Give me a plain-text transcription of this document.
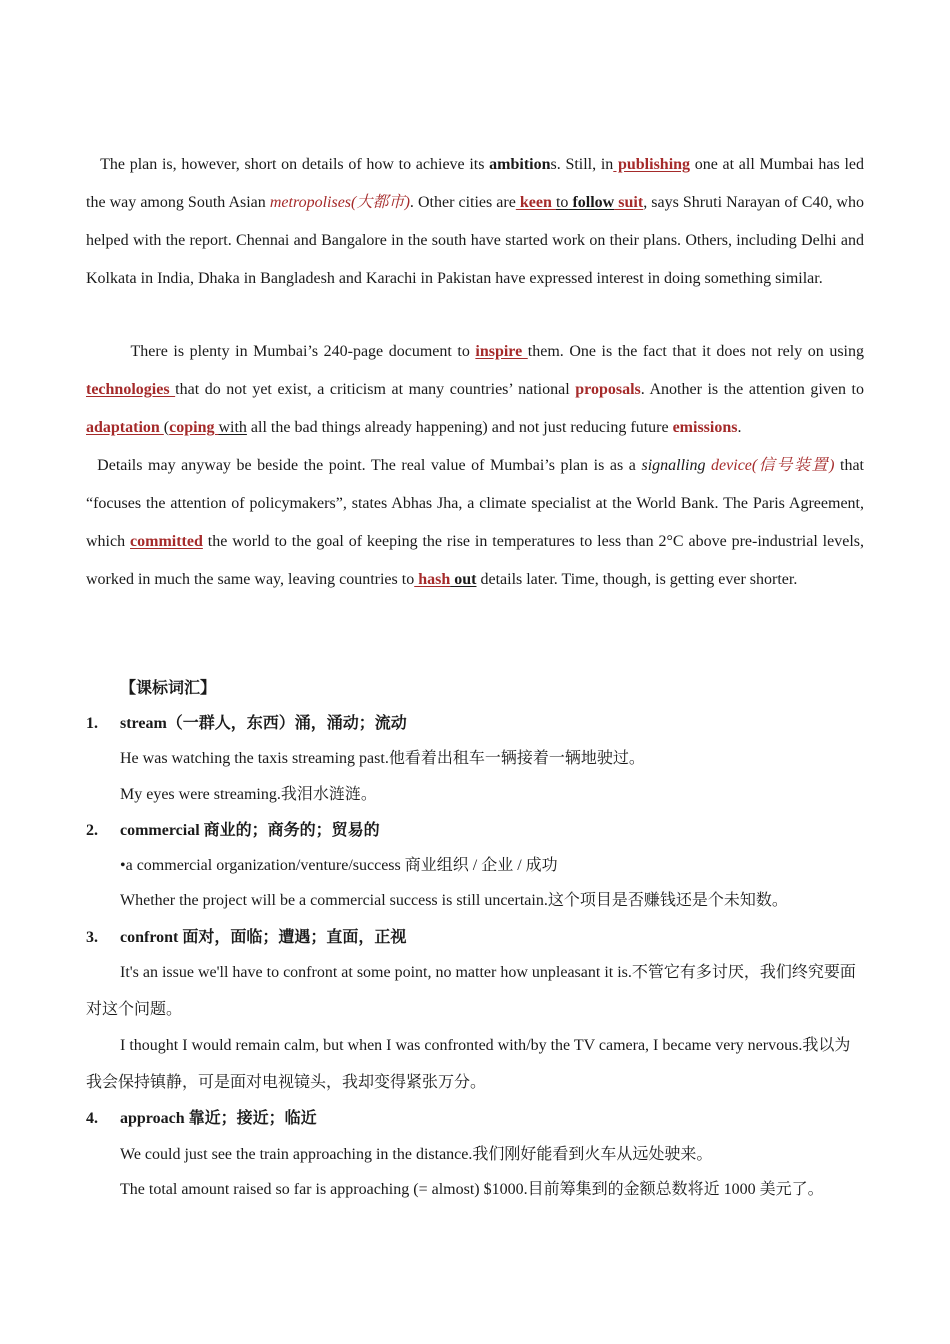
The plan is, however, short on details of how to achieve its ambitions. Still, in publishing one at all Mumbai has led the way among South Asian metropolises(大都市). Other cities are keen to follow suit, says Shruti Narayan of C40, who helped with the report. Chennai and Bangalore in the south have started work on their plans. Others, including Delhi and Kolkata in India, Dhaka in Bangladesh and Karachi in Pakistan have expressed interest in doing something similar.

There is plenty in Mumbai’s 240-page document to inspire them. One is the fact that it does not rely on using technologies that do not yet exist, a criticism at many countries’ national proposals. Another is the attention given to adaptation (coping with all the bad things already happening) and not just reducing future emissions.

Details may anyway be beside the point. The real value of Mumbai’s plan is as a signalling device(信号装置) that “focuses the attention of policymakers”, states Abhas Jha, a climate specialist at the World Bank. The Paris Agreement, which committed the world to the goal of keeping the rise in temperatures to less than 2°C above pre-industrial levels, worked in much the same way, leaving countries to hash out details later. Time, though, is getting ever shorter.

【课标词汇】
1. stream（一群人，东西）涌，涌动；流动

He was watching the taxis streaming past.他看着出租车一辆接着一辆地驶过。

My eyes were streaming.我泪水涟涟。

2. commercial 商业的；商务的；贸易的

•a commercial organization/venture/success 商业组织 / 企业 / 成功

Whether the project will be a commercial success is still uncertain.这个项目是否赚钱还是个未知数。

3. confront 面对，面临；遭遇；直面，正视

It's an issue we'll have to confront at some point, no matter how unpleasant it is.不管它有多讨厌，我们终究要面对这个问题。

I thought I would remain calm, but when I was confronted with/by the TV camera, I became very nervous.我以为我会保持镇静，可是面对电视镜头，我却变得紧张万分。

4. approach 靠近；接近；临近

We could just see the train approaching in the distance.我们刚好能看到火车从远处驶来。

The total amount raised so far is approaching (= almost) $1000.目前筹集到的金额总数将近 1000 美元了。
